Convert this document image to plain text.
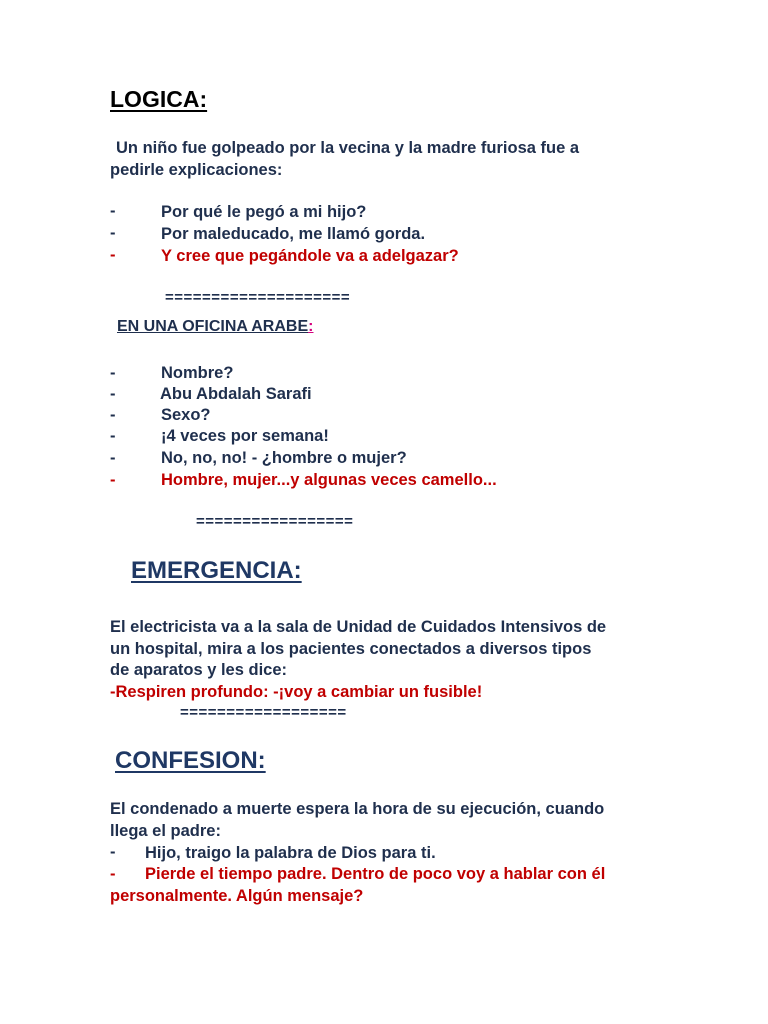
LOGICA:
Un niño fue golpeado por la vecina y la madre furiosa fue a
pedirle explicaciones:
-	Por qué le pegó a mi hijo?
-	Por maleducado, me llamó gorda.
-	Y cree que pegándole va a adelgazar?
====================
EN UNA OFICINA ARABE:
-	Nombre?
-	Abu Abdalah Sarafi
-	Sexo?
-	¡4 veces por semana!
-	No, no, no! - ¿hombre o mujer?
-	Hombre, mujer...y algunas veces camello...
=================
EMERGENCIA:
El electricista va a la sala de Unidad de Cuidados Intensivos de
un hospital, mira a los pacientes conectados a diversos tipos
de aparatos y les dice:
-Respiren profundo: -¡voy a cambiar un fusible!
==================
CONFESION:
El condenado a muerte espera la hora de su ejecución, cuando
llega el padre:
- Hijo, traigo la palabra de Dios para ti.
- Pierde el tiempo padre. Dentro de poco voy a hablar con él
personalmente. Algún mensaje?
